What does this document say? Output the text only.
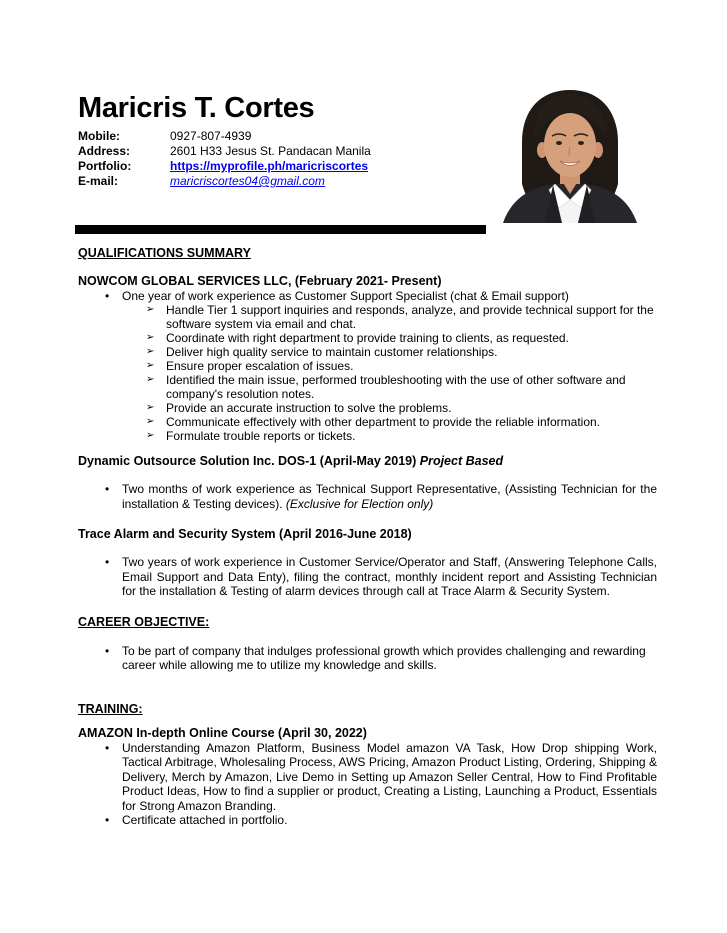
Maricris T. Cortes
Mobile:	0927-807-4939
Address:	2601 H33 Jesus St. Pandacan Manila
Portfolio:	https://myprofile.ph/maricriscortes
E-mail:	maricriscortes04@gmail.com
QUALIFICATIONS SUMMARY
NOWCOM GLOBAL SERVICES LLC, (February 2021- Present)
•	One year of work experience as Customer Support Specialist (chat & Email support)
➢ Handle Tier 1 support inquiries and responds, analyze, and provide technical support for the software system via email and chat.
➢ Coordinate with right department to provide training to clients, as requested.
➢ Deliver high quality service to maintain customer relationships.
➢ Ensure proper escalation of issues.
➢ Identified the main issue, performed troubleshooting with the use of other software and company's resolution notes.
➢ Provide an accurate instruction to solve the problems.
➢ Communicate effectively with other department to provide the reliable information.
➢ Formulate trouble reports or tickets.
Dynamic Outsource Solution Inc. DOS-1 (April-May 2019) Project Based
•	Two months of work experience as Technical Support Representative, (Assisting Technician for the installation & Testing devices). (Exclusive for Election only)
Trace Alarm and Security System (April 2016-June 2018)
•	Two years of work experience in Customer Service/Operator and Staff, (Answering Telephone Calls, Email Support and Data Enty), filing the contract, monthly incident report and Assisting Technician for the installation & Testing of alarm devices through call at Trace Alarm & Security System.
CAREER OBJECTIVE:
•	To be part of company that indulges professional growth which provides challenging and rewarding career while allowing me to utilize my knowledge and skills.
TRAINING:
AMAZON In-depth Online Course (April 30, 2022)
•	Understanding Amazon Platform, Business Model amazon VA Task, How Drop shipping Work, Tactical Arbitrage, Wholesaling Process, AWS Pricing, Amazon Product Listing, Ordering, Shipping & Delivery, Merch by Amazon, Live Demo in Setting up Amazon Seller Central, How to Find Profitable Product Ideas, How to find a supplier or product, Creating a Listing, Launching a Product, Essentials for Strong Amazon Branding.
•	Certificate attached in portfolio.
